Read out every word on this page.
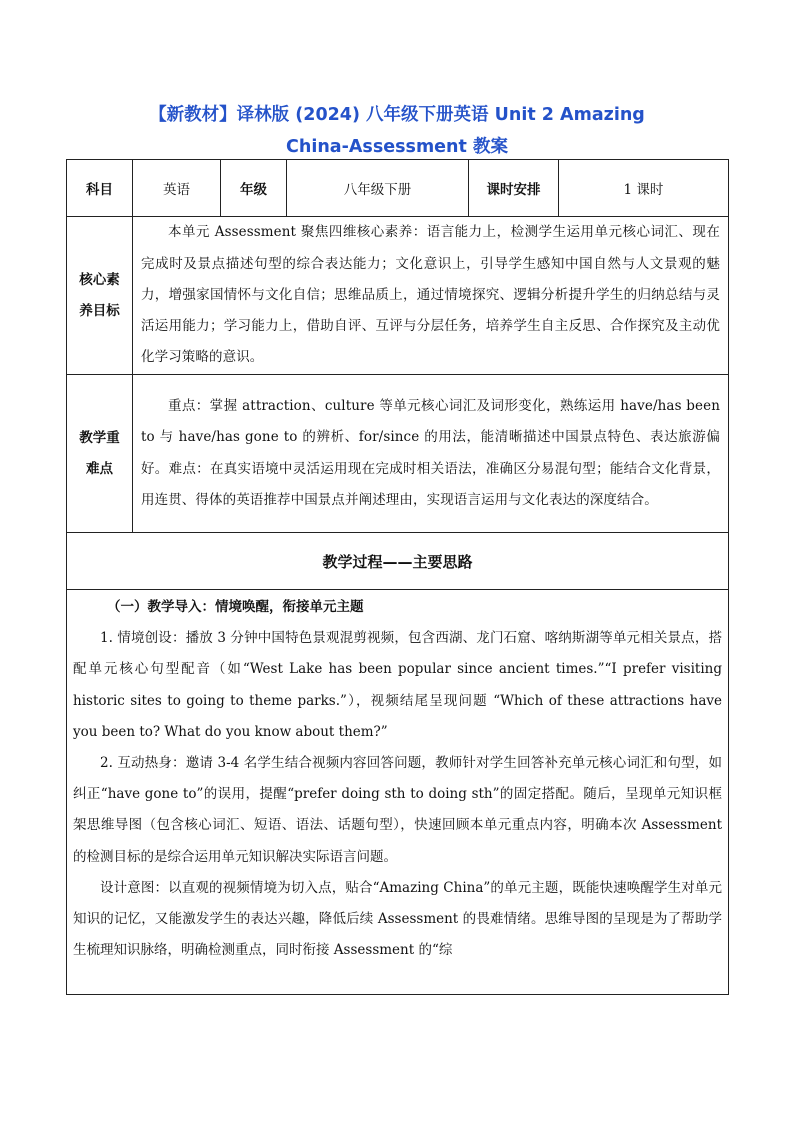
【新教材】译林版 (2024) 八年级下册英语 Unit 2 Amazing
China-Assessment 教案
科目	英语	年级	八年级下册	课时安排	1 课时

核心素养目标	本单元 Assessment 聚焦四维核心素养：语言能力上，检测学生运用单元核心词汇、现在完成时及景点描述句型的综合表达能力；文化意识上，引导学生感知中国自然与人文景观的魅力，增强家国情怀与文化自信；思维品质上，通过情境探究、逻辑分析提升学生的归纳总结与灵活运用能力；学习能力上，借助自评、互评与分层任务，培养学生自主反思、合作探究及主动优化学习策略的意识。				

教学重难点	重点：掌握 attraction、culture 等单元核心词汇及词形变化，熟练运用 have/has been to 与 have/has gone to 的辨析、for/since 的用法，能清晰描述中国景点特色、表达旅游偏好。难点：在真实语境中灵活运用现在完成时相关语法，准确区分易混句型；能结合文化背景，用连贯、得体的英语推荐中国景点并阐述理由，实现语言运用与文化表达的深度结合。				

教学过程——主要思路					

（一）教学导入：情境唤醒，衔接单元主题

1. 情境创设：播放 3 分钟中国特色景观混剪视频，包含西湖、龙门石窟、喀纳斯湖等单元相关景点，搭配单元核心句型配音（如“West Lake has been popular since ancient times.”“I prefer visiting historic sites to going to theme parks.”），视频结尾呈现问题 “Which of these attractions have you been to? What do you know about them?”

2. 互动热身：邀请 3-4 名学生结合视频内容回答问题，教师针对学生回答补充单元核心词汇和句型，如纠正“have gone to”的误用，提醒“prefer doing sth to doing sth”的固定搭配。随后，呈现单元知识框架思维导图（包含核心词汇、短语、语法、话题句型），快速回顾本单元重点内容，明确本次 Assessment 的检测目标的是综合运用单元知识解决实际语言问题。

设计意图：以直观的视频情境为切入点，贴合“Amazing China”的单元主题，既能快速唤醒学生对单元知识的记忆，又能激发学生的表达兴趣，降低后续 Assessment 的畏难情绪。思维导图的呈现是为了帮助学生梳理知识脉络，明确检测重点，同时衔接 Assessment 的“综					
